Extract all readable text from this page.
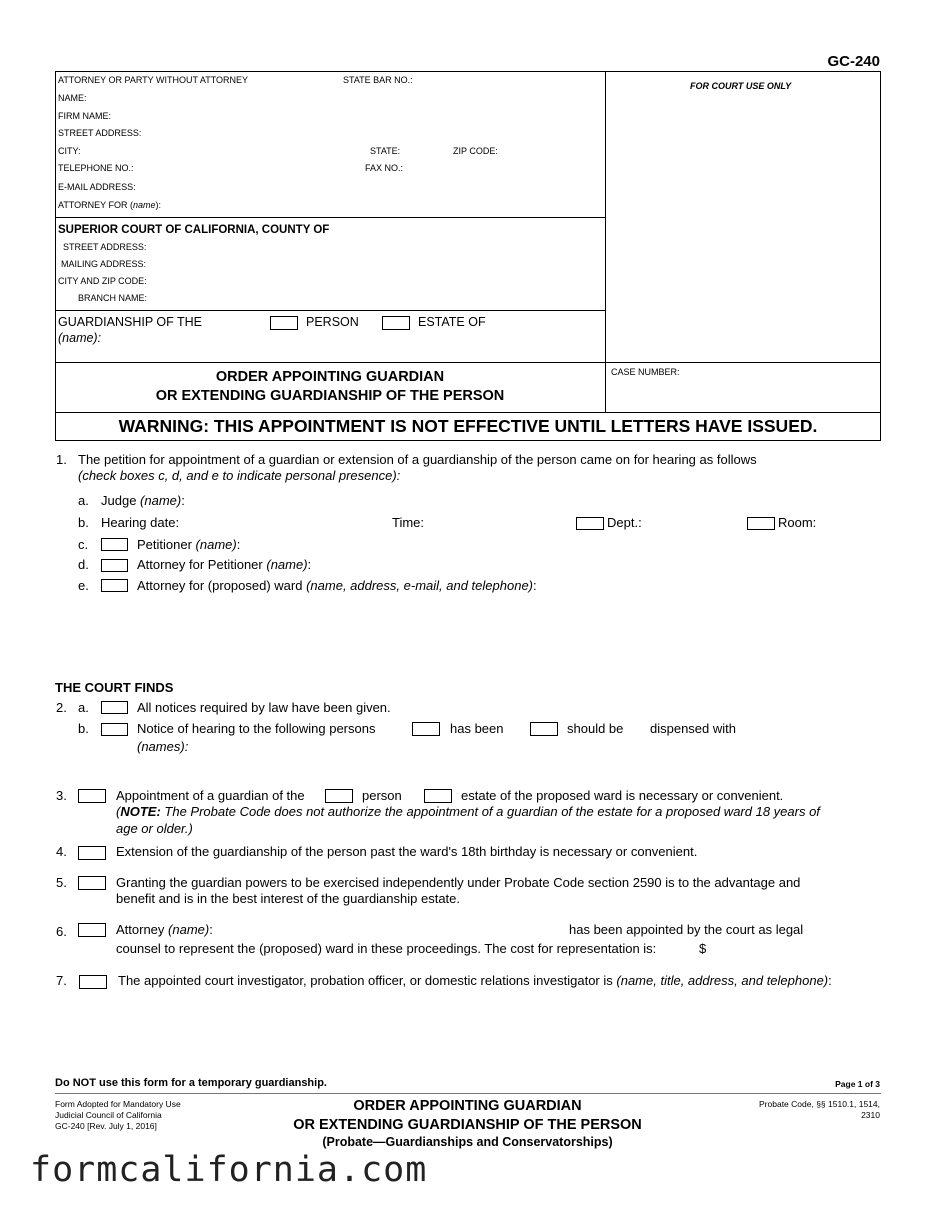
GC-240
ATTORNEY OR PARTY WITHOUT ATTORNEY	STATE BAR NO.:
NAME:
FIRM NAME:
STREET ADDRESS:
CITY:	STATE:	ZIP CODE:
TELEPHONE NO.:	FAX NO.:
E-MAIL ADDRESS:
ATTORNEY FOR (name):
FOR COURT USE ONLY
SUPERIOR COURT OF CALIFORNIA, COUNTY OF
STREET ADDRESS:
MAILING ADDRESS:
CITY AND ZIP CODE:
BRANCH NAME:
GUARDIANSHIP OF THE	PERSON	ESTATE OF
(name):
ORDER APPOINTING GUARDIAN
OR EXTENDING GUARDIANSHIP OF THE PERSON
CASE NUMBER:
WARNING: THIS APPOINTMENT IS NOT EFFECTIVE UNTIL LETTERS HAVE ISSUED.
1. The petition for appointment of a guardian or extension of a guardianship of the person came on for hearing as follows
(check boxes c, d, and e to indicate personal presence):
a. Judge (name):
b. Hearing date:	Time:	Dept.:	Room:
c.	Petitioner (name):
d.	Attorney for Petitioner (name):
e.	Attorney for (proposed) ward (name, address, e-mail, and telephone):
THE COURT FINDS
2. a.	All notices required by law have been given.
b.	Notice of hearing to the following persons	has been	should be dispensed with
(names):
3.	Appointment of a guardian of the	person	estate of the proposed ward is necessary or convenient.
(NOTE: The Probate Code does not authorize the appointment of a guardian of the estate for a proposed ward 18 years of
age or older.)
4.	Extension of the guardianship of the person past the ward's 18th birthday is necessary or convenient.
5.	Granting the guardian powers to be exercised independently under Probate Code section 2590 is to the advantage and
benefit and is in the best interest of the guardianship estate.
6.	Attorney (name):	has been appointed by the court as legal
counsel to represent the (proposed) ward in these proceedings. The cost for representation is:	$
7.	The appointed court investigator, probation officer, or domestic relations investigator is (name, title, address, and telephone):
Do NOT use this form for a temporary guardianship.	Page 1 of 3
Form Adopted for Mandatory Use
Judicial Council of California
GC-240 [Rev. July 1, 2016]
ORDER APPOINTING GUARDIAN
OR EXTENDING GUARDIANSHIP OF THE PERSON
(Probate—Guardianships and Conservatorships)
Probate Code, §§ 1510.1, 1514,
2310
formcalifornia.com
